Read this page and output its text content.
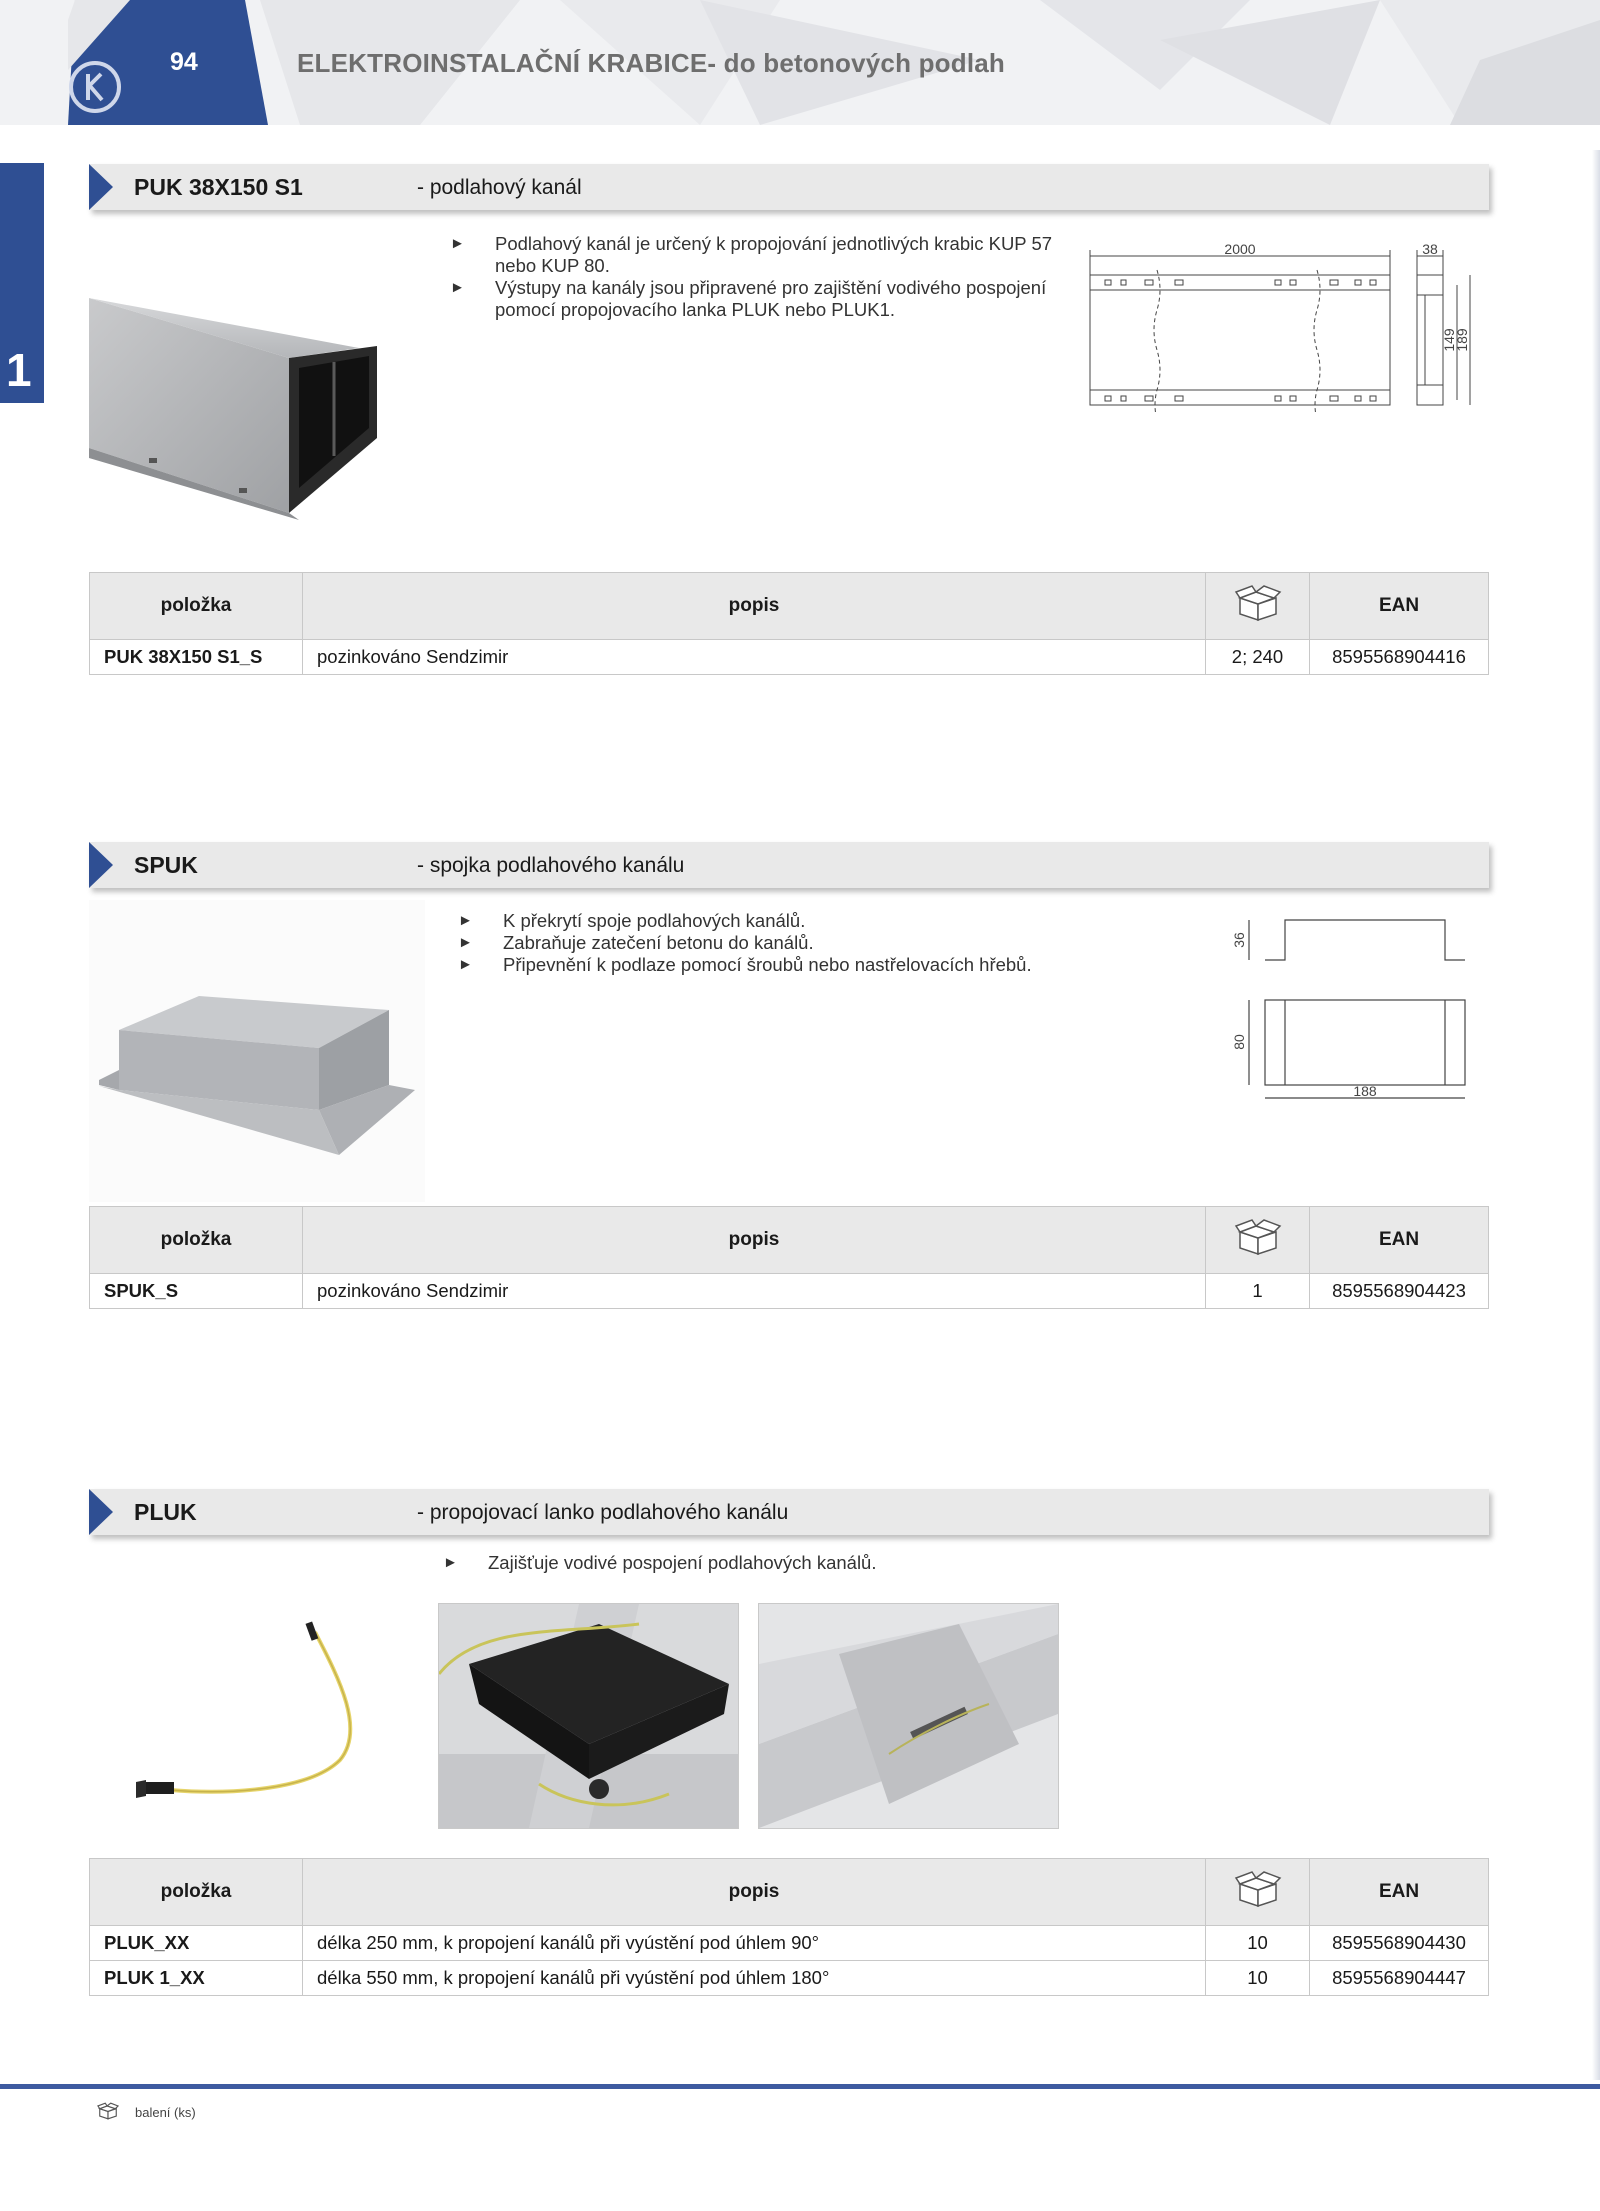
94	ELEKTROINSTALAČNÍ KRABICE- do betonových podlah
1
PUK 38X150 S1	- podlahový kanál
► Podlahový kanál je určený k propojování jednotlivých krabic KUP 57 nebo KUP 80.
► Výstupy na kanály jsou připravené pro zajištění vodivého pospojení pomocí propojovacího lanka PLUK nebo PLUK1.
2000	38
149
189
položka	popis		EAN
PUK 38X150 S1_S	pozinkováno Sendzimir	2; 240	8595568904416
SPUK	- spojka podlahového kanálu
► K překrytí spoje podlahových kanálů.
► Zabraňuje zatečení betonu do kanálů.
► Připevnění k podlaze pomocí šroubů nebo nastřelovacích hřebů.
36
80
188
položka	popis		EAN
SPUK_S	pozinkováno Sendzimir	1	8595568904423
PLUK	- propojovací lanko podlahového kanálu
► Zajišťuje vodivé pospojení podlahových kanálů.
položka	popis		EAN
PLUK_XX	délka 250 mm, k propojení kanálů při vyústění pod úhlem 90°	10	8595568904430
PLUK 1_XX	délka 550 mm, k propojení kanálů při vyústění pod úhlem 180°	10	8595568904447
balení (ks)
